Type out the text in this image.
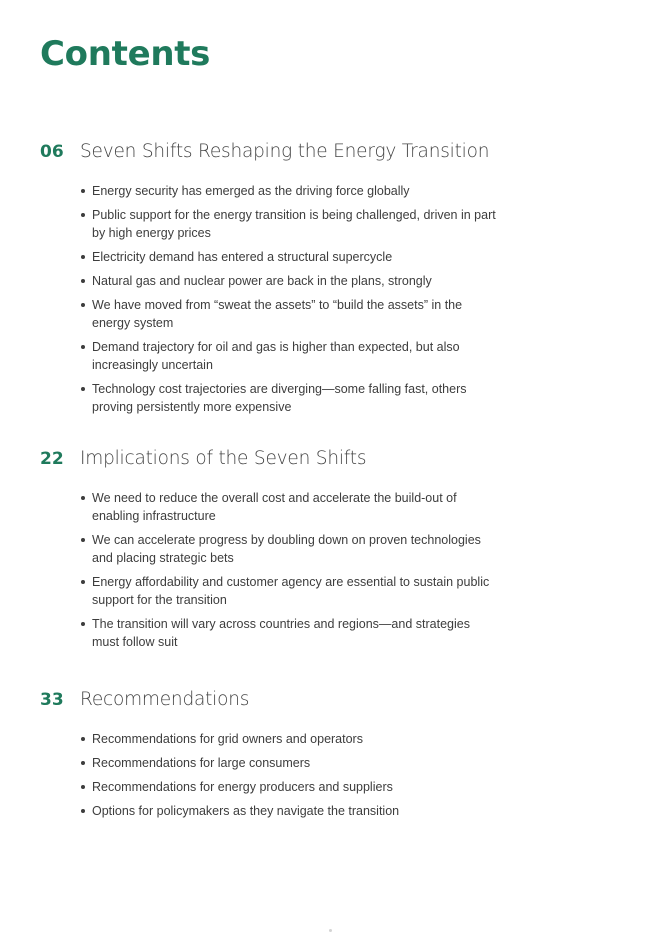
Contents
06 Seven Shifts Reshaping the Energy Transition
Energy security has emerged as the driving force globally
Public support for the energy transition is being challenged, driven in part by high energy prices
Electricity demand has entered a structural supercycle
Natural gas and nuclear power are back in the plans, strongly
We have moved from “sweat the assets” to “build the assets” in the energy system
Demand trajectory for oil and gas is higher than expected, but also increasingly uncertain
Technology cost trajectories are diverging—some falling fast, others proving persistently more expensive
22 Implications of the Seven Shifts
We need to reduce the overall cost and accelerate the build-out of enabling infrastructure
We can accelerate progress by doubling down on proven technologies and placing strategic bets
Energy affordability and customer agency are essential to sustain public support for the transition
The transition will vary across countries and regions—and strategies must follow suit
33 Recommendations
Recommendations for grid owners and operators
Recommendations for large consumers
Recommendations for energy producers and suppliers
Options for policymakers as they navigate the transition
